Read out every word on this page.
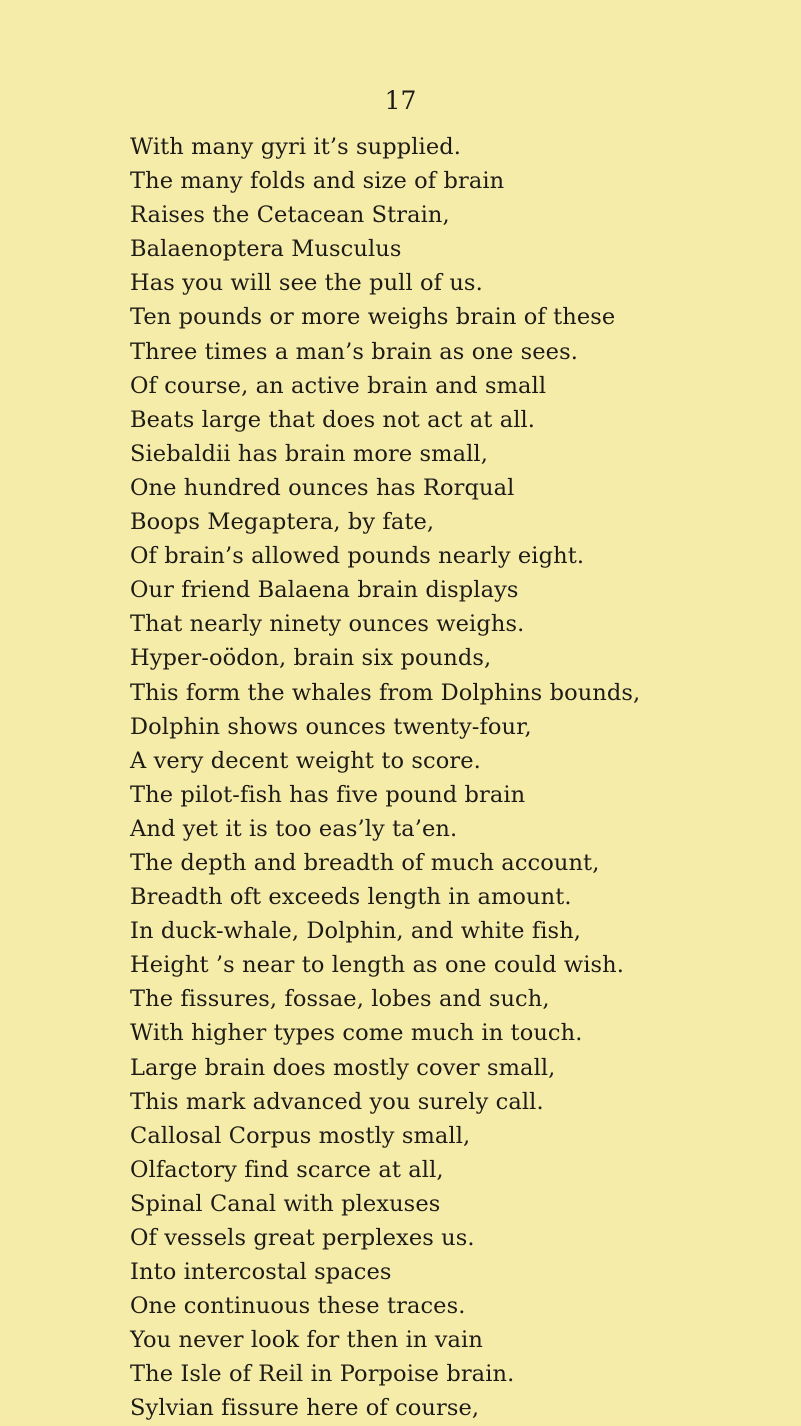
17
With many gyri it’s supplied.
The many folds and size of brain
Raises the Cetacean Strain,
Balaenoptera Musculus
Has you will see the pull of us.
Ten pounds or more weighs brain of these
Three times a man’s brain as one sees.
Of course, an active brain and small
Beats large that does not act at all.
Siebaldii has brain more small,
One hundred ounces has Rorqual
Boops Megaptera, by fate,
Of brain’s allowed pounds nearly eight.
Our friend Balaena brain displays
That nearly ninety ounces weighs.
Hyper-oödon, brain six pounds,
This form the whales from Dolphins bounds,
Dolphin shows ounces twenty-four,
A very decent weight to score.
The pilot-fish has five pound brain
And yet it is too eas’ly ta’en.
The depth and breadth of much account,
Breadth oft exceeds length in amount.
In duck-whale, Dolphin, and white fish,
Height ’s near to length as one could wish.
The fissures, fossae, lobes and such,
With higher types come much in touch.
Large brain does mostly cover small,
This mark advanced you surely call.
Callosal Corpus mostly small,
Olfactory find scarce at all,
Spinal Canal with plexuses
Of vessels great perplexes us.
Into intercostal spaces
One continuous these traces.
You never look for then in vain
The Isle of Reil in Porpoise brain.
Sylvian fissure here of course,
